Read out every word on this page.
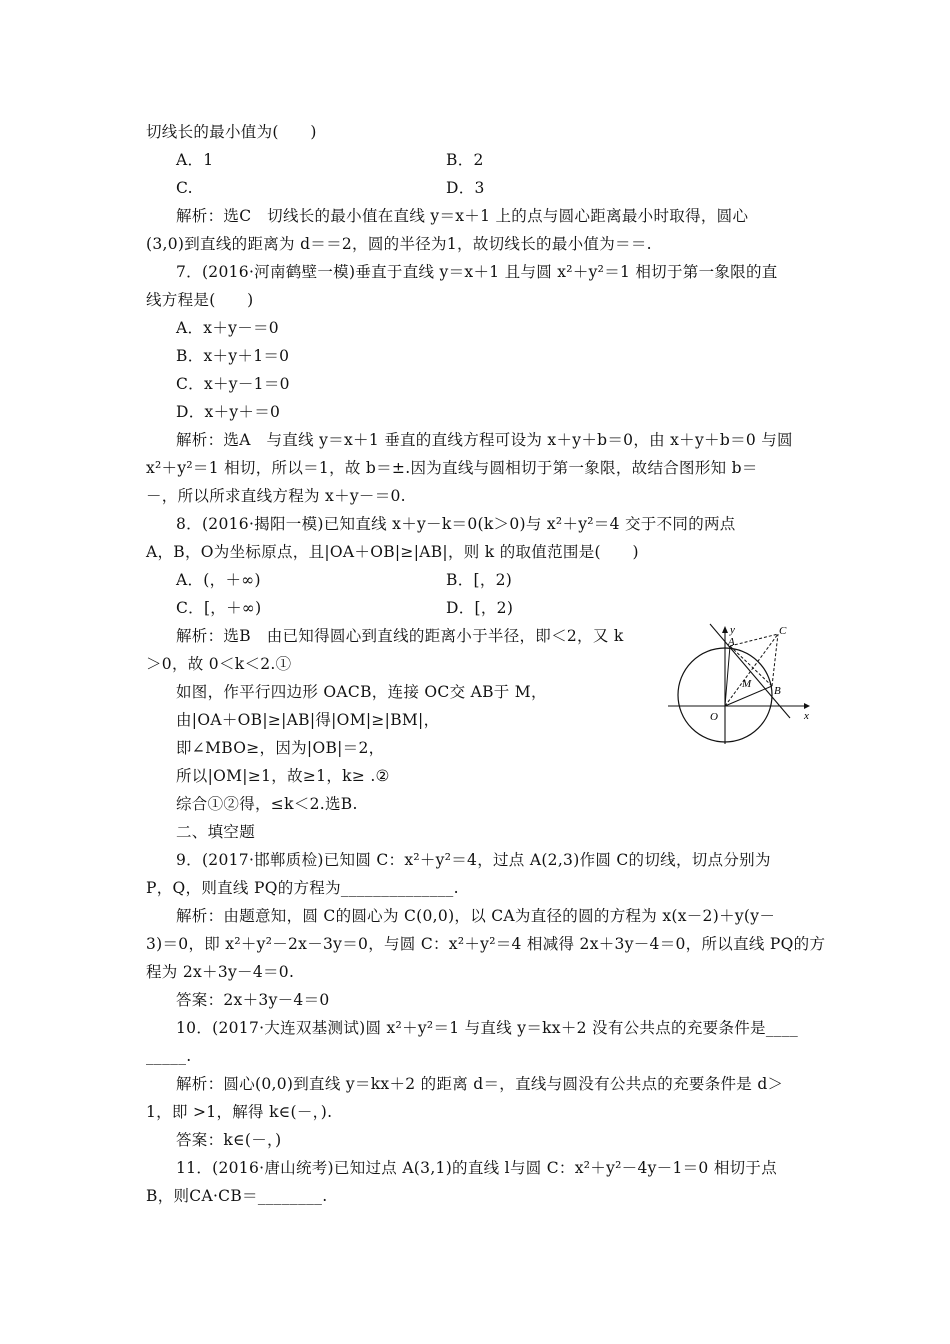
切线长的最小值为(　　)
A．1	B．2
C.	D．3
解析：选C　切线长的最小值在直线 y＝x＋1 上的点与圆心距离最小时取得，圆心
(3,0)到直线的距离为 d＝＝2，圆的半径为1，故切线长的最小值为＝＝.
7．(2016·河南鹤壁一模)垂直于直线 y＝x＋1 且与圆 x²＋y²＝1 相切于第一象限的直
线方程是(　　)
A．x＋y－＝0
B．x＋y＋1＝0
C．x＋y－1＝0
D．x＋y＋＝0
解析：选A　与直线 y＝x＋1 垂直的直线方程可设为 x＋y＋b＝0，由 x＋y＋b＝0 与圆
x²＋y²＝1 相切，所以＝1，故 b＝±.因为直线与圆相切于第一象限，故结合图形知 b＝
－，所以所求直线方程为 x＋y－＝0.
8．(2016·揭阳一模)已知直线 x＋y－k＝0(k＞0)与 x²＋y²＝4 交于不同的两点
A，B，O为坐标原点，且|OA＋OB|≥|AB|，则 k 的取值范围是(　　)
A．(，＋∞)	B．[，2)
C．[，＋∞)	D．[，2)
解析：选B　由已知得圆心到直线的距离小于半径，即＜2，又 k
＞0，故 0＜k＜2.①
如图，作平行四边形 OACB，连接 OC交 AB于 M，
由|OA＋OB|≥|AB|得|OM|≥|BM|，
即∠MBO≥，因为|OB|＝2，
所以|OM|≥1，故≥1，k≥ .②
综合①②得，≤k＜2.选B.
二、填空题
9．(2017·邯郸质检)已知圆 C：x²＋y²＝4，过点 A(2,3)作圆 C的切线，切点分别为
P，Q，则直线 PQ的方程为______________.
解析：由题意知，圆 C的圆心为 C(0,0)，以 CA为直径的圆的方程为 x(x－2)＋y(y－
3)＝0，即 x²＋y²－2x－3y＝0，与圆 C：x²＋y²＝4 相减得 2x＋3y－4＝0，所以直线 PQ的方
程为 2x＋3y－4＝0.
答案：2x＋3y－4＝0
10．(2017·大连双基测试)圆 x²＋y²＝1 与直线 y＝kx＋2 没有公共点的充要条件是____
_____.
解析：圆心(0,0)到直线 y＝kx＋2 的距离 d＝，直线与圆没有公共点的充要条件是 d＞
1，即 >1，解得 k∈(－，).
答案：k∈(－，)
11．(2016·唐山统考)已知过点 A(3,1)的直线 l与圆 C：x²＋y²－4y－1＝0 相切于点
B，则CA·CB＝________.
y
x
A
B
C
M
O
